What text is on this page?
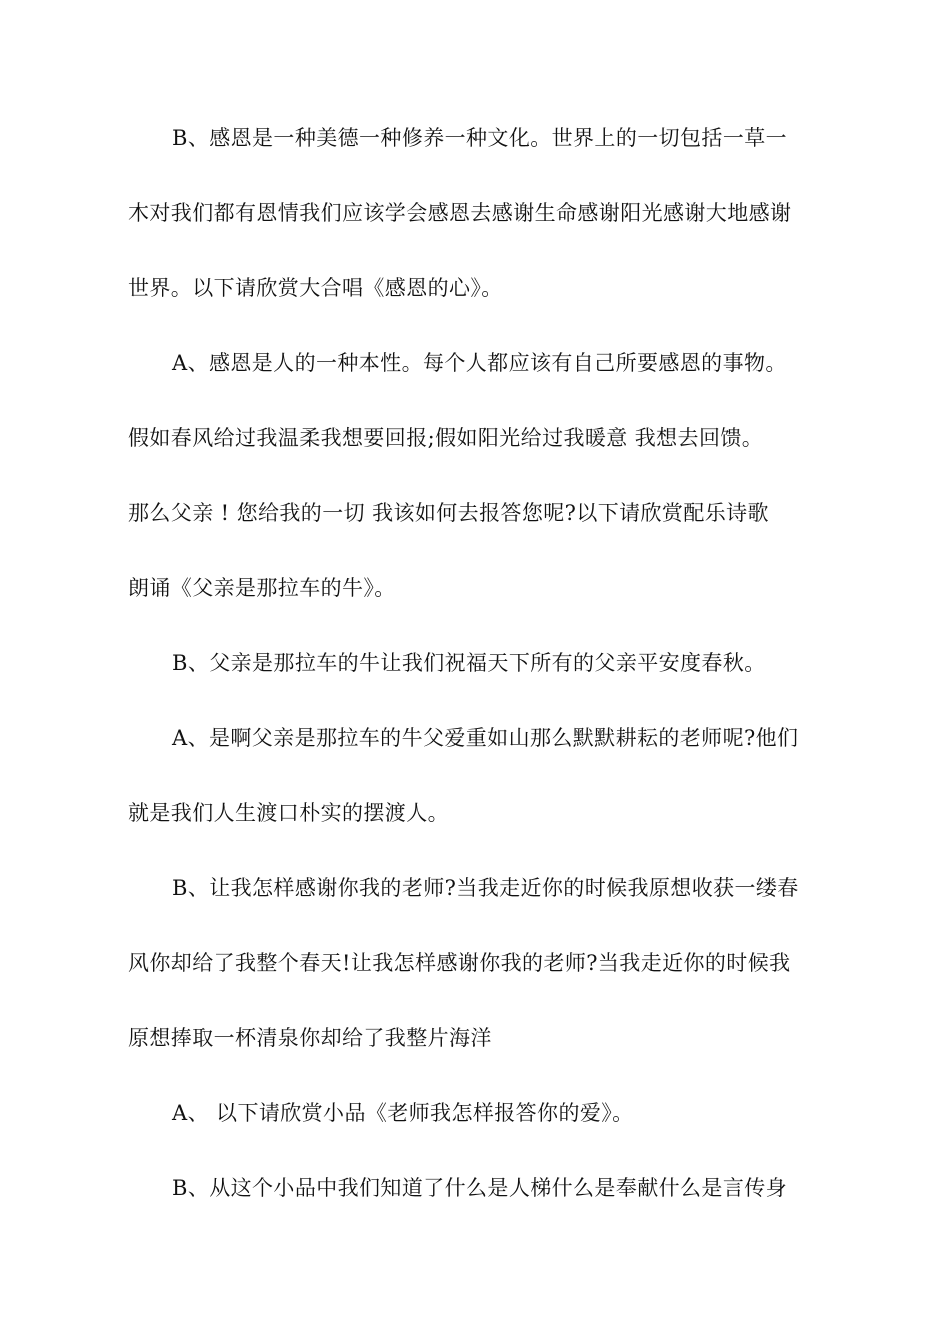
B、感恩是一种美德一种修养一种文化。世界上的一切包括一草一
木对我们都有恩情我们应该学会感恩去感谢生命感谢阳光感谢大地感谢
世界。以下请欣赏大合唱《感恩的心》。
A、感恩是人的一种本性。每个人都应该有自己所要感恩的事物。
假如春风给过我温柔我想要回报;假如阳光给过我暖意 我想去回馈。
那么父亲 ! 您给我的一切 我该如何去报答您呢?以下请欣赏配乐诗歌
朗诵《父亲是那拉车的牛》。
B、父亲是那拉车的牛让我们祝福天下所有的父亲平安度春秋。
A、是啊父亲是那拉车的牛父爱重如山那么默默耕耘的老师呢?他们
就是我们人生渡口朴实的摆渡人。
B、让我怎样感谢你我的老师?当我走近你的时候我原想收获一缕春
风你却给了我整个春天!让我怎样感谢你我的老师?当我走近你的时候我
原想捧取一杯清泉你却给了我整片海洋
A、 以下请欣赏小品《老师我怎样报答你的爱》。
B、从这个小品中我们知道了什么是人梯什么是奉献什么是言传身
